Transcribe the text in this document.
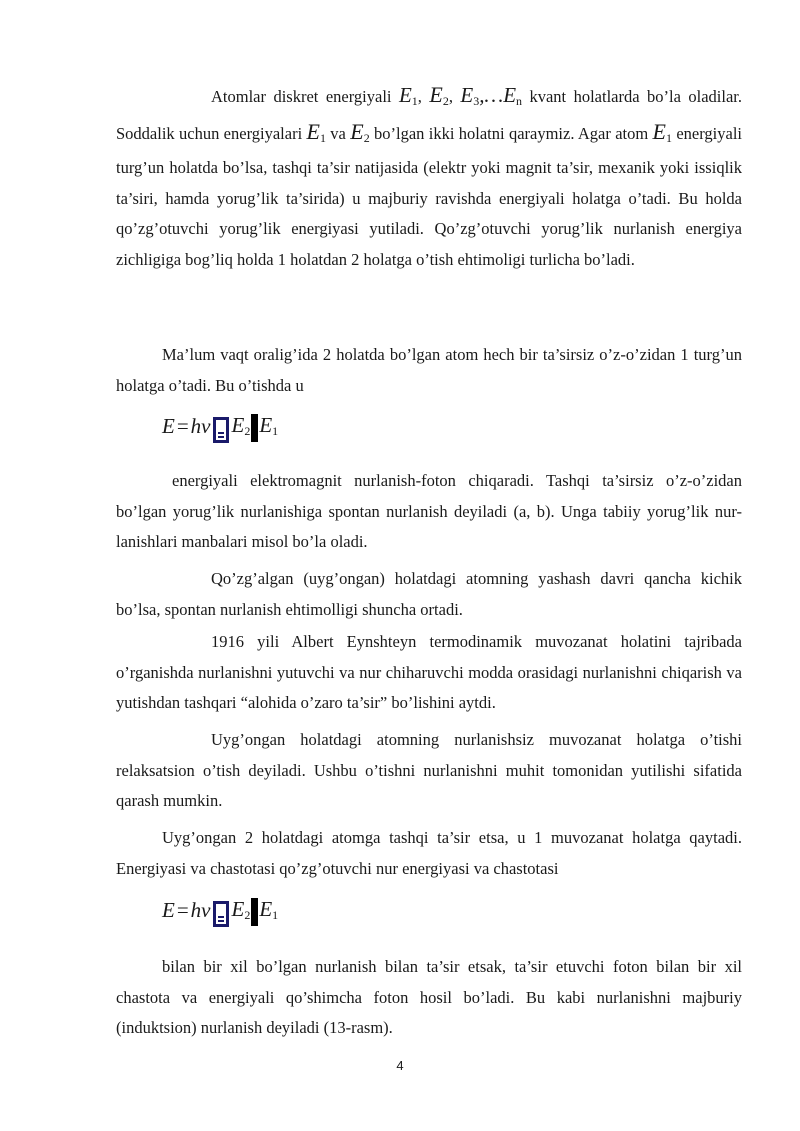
Atomlar diskret energiyali $E_1$, $E_2$, $E_3,\dots E_n$ kvant holatlarda bo’la oladilar. Soddalik uchun energiyalari $E_1$ va $E_2$ bo’lgan ikki holatni qaraymiz. Agar atom $E_1$ energiyali turg’un holatda bo’lsa, tashqi ta’sir natijasida (elektr yoki magnit ta’sir, mexanik yoki issiqlik ta’siri, hamda yorug’lik ta’sirida) u majburiy ravishda energiyali holatga o’tadi. Bu holda qo’zg’otuvchi yorug’lik energiyasi yutiladi. Qo’zg’otuvchi yorug’lik nurlanish energiya zichligiga bog’liq holda 1 holatdan 2 holatga o’tish ehtimoligi turlicha bo’ladi.

Ma’lum vaqt oralig’ida 2 holatda bo’lgan atom hech bir ta’sirsiz o’z-o’zidan 1 turg’un holatga o’tadi. Bu o’tishda u

E = hv $E_2$ $E_1$

energiyali elektromagnit nurlanish-foton chiqaradi. Tashqi ta’sirsiz o’z-o’zidan bo’lgan yorug’lik nurlanishiga spontan nurlanish deyiladi (a, b). Unga tabiiy yorug’lik nur-lanishlari manbalari misol bo’la oladi.

Qo’zg’algan (uyg’ongan) holatdagi atomning yashash davri qancha kichik bo’lsa, spontan nurlanish ehtimolligi shuncha ortadi.

1916 yili Albert Eynshteyn termodinamik muvozanat holatini tajribada o’rganishda nurlanishni yutuvchi va nur chiharuvchi modda orasidagi nurlanishni chiqarish va yutishdan tashqari “alohida o’zaro ta’sir” bo’lishini aytdi.

Uyg’ongan holatdagi atomning nurlanishsiz muvozanat holatga o’tishi relaksatsion o’tish deyiladi. Ushbu o’tishni nurlanishni muhit tomonidan yutilishi sifatida qarash mumkin.

Uyg’ongan 2 holatdagi atomga tashqi ta’sir etsa, u 1 muvozanat holatga qaytadi. Energiyasi va chastotasi qo’zg’otuvchi nur energiyasi va chastotasi

E = hv $E_2$ $E_1$

bilan bir xil bo’lgan nurlanish bilan ta’sir etsak, ta’sir etuvchi foton bilan bir xil chastota va energiyali qo’shimcha foton hosil bo’ladi. Bu kabi nurlanishni majburiy (induktsion) nurlanish deyiladi (13-rasm).

4
